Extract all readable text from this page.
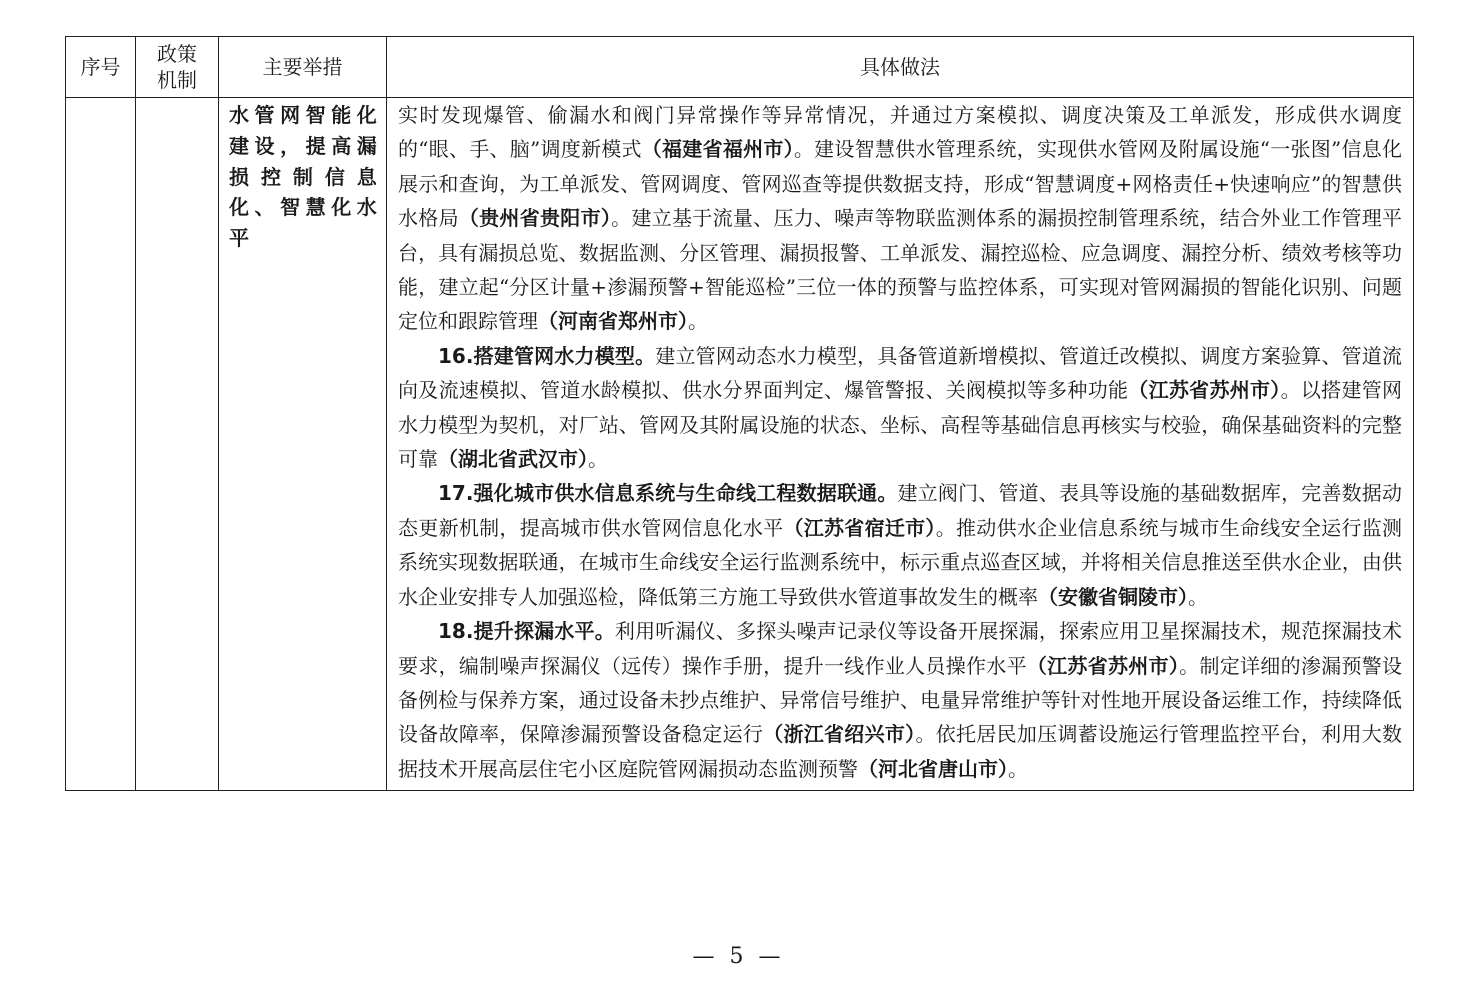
序号	政策机制	主要举措	具体做法
		水管网智能化建设，提高漏损控制信息化、智慧化水平	实时发现爆管、偷漏水和阀门异常操作等异常情况，并通过方案模拟、调度决策及工单派发，形成供水调度的“眼、手、脑”调度新模式（福建省福州市）。建设智慧供水管理系统，实现供水管网及附属设施“一张图”信息化展示和查询，为工单派发、管网调度、管网巡查等提供数据支持，形成“智慧调度+网格责任+快速响应”的智慧供水格局（贵州省贵阳市）。建立基于流量、压力、噪声等物联监测体系的漏损控制管理系统，结合外业工作管理平台，具有漏损总览、数据监测、分区管理、漏损报警、工单派发、漏控巡检、应急调度、漏控分析、绩效考核等功能，建立起“分区计量+渗漏预警+智能巡检”三位一体的预警与监控体系，可实现对管网漏损的智能化识别、问题定位和跟踪管理（河南省郑州市）。

16.搭建管网水力模型。建立管网动态水力模型，具备管道新增模拟、管道迁改模拟、调度方案验算、管道流向及流速模拟、管道水龄模拟、供水分界面判定、爆管警报、关阀模拟等多种功能（江苏省苏州市）。以搭建管网水力模型为契机，对厂站、管网及其附属设施的状态、坐标、高程等基础信息再核实与校验，确保基础资料的完整可靠（湖北省武汉市）。

17.强化城市供水信息系统与生命线工程数据联通。建立阀门、管道、表具等设施的基础数据库，完善数据动态更新机制，提高城市供水管网信息化水平（江苏省宿迁市）。推动供水企业信息系统与城市生命线安全运行监测系统实现数据联通，在城市生命线安全运行监测系统中，标示重点巡查区域，并将相关信息推送至供水企业，由供水企业安排专人加强巡检，降低第三方施工导致供水管道事故发生的概率（安徽省铜陵市）。

18.提升探漏水平。利用听漏仪、多探头噪声记录仪等设备开展探漏，探索应用卫星探漏技术，规范探漏技术要求，编制噪声探漏仪（远传）操作手册，提升一线作业人员操作水平（江苏省苏州市）。制定详细的渗漏预警设备例检与保养方案，通过设备未抄点维护、异常信号维护、电量异常维护等针对性地开展设备运维工作，持续降低设备故障率，保障渗漏预警设备稳定运行（浙江省绍兴市）。依托居民加压调蓄设施运行管理监控平台，利用大数据技术开展高层住宅小区庭院管网漏损动态监测预警（河北省唐山市）。

— 5 —
